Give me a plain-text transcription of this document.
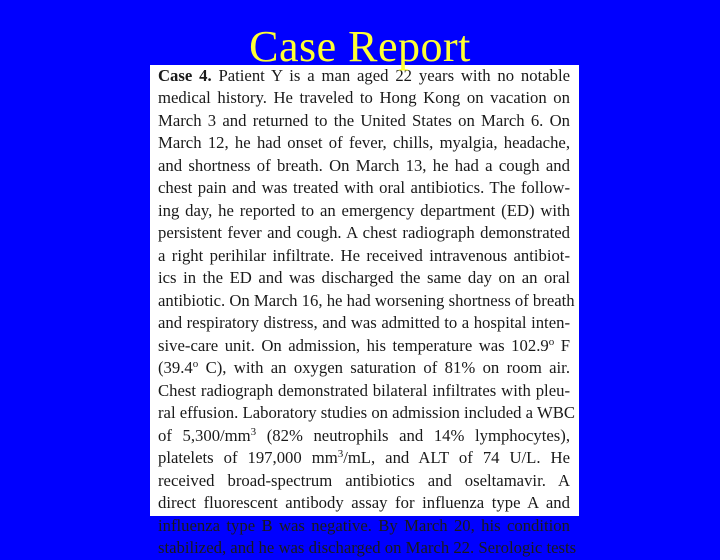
Case Report
Case 4. Patient Y is a man aged 22 years with no notable
medical history. He traveled to Hong Kong on vacation on
March 3 and returned to the United States on March 6. On
March 12, he had onset of fever, chills, myalgia, headache,
and shortness of breath. On March 13, he had a cough and
chest pain and was treated with oral antibiotics. The follow-
ing day, he reported to an emergency department (ED) with
persistent fever and cough. A chest radiograph demonstrated
a right perihilar infiltrate. He received intravenous antibiot-
ics in the ED and was discharged the same day on an oral
antibiotic. On March 16, he had worsening shortness of breath
and respiratory distress, and was admitted to a hospital inten-
sive-care unit. On admission, his temperature was 102.9$^o$ F
(39.4$^o$ C), with an oxygen saturation of 81% on room air.
Chest radiograph demonstrated bilateral infiltrates with pleu-
ral effusion. Laboratory studies on admission included a WBC
of $5,300/mm^3$ (82% neutrophils and 14% lymphocytes),
platelets of 197,000 $mm^3/mL$, and ALT of 74 U/L. He
received broad-spectrum antibiotics and oseltamavir. A
direct fluorescent antibody assay for influenza type A and
influenza type B was negative. By March 20, his condition
stabilized, and he was discharged on March 22. Serologic tests
